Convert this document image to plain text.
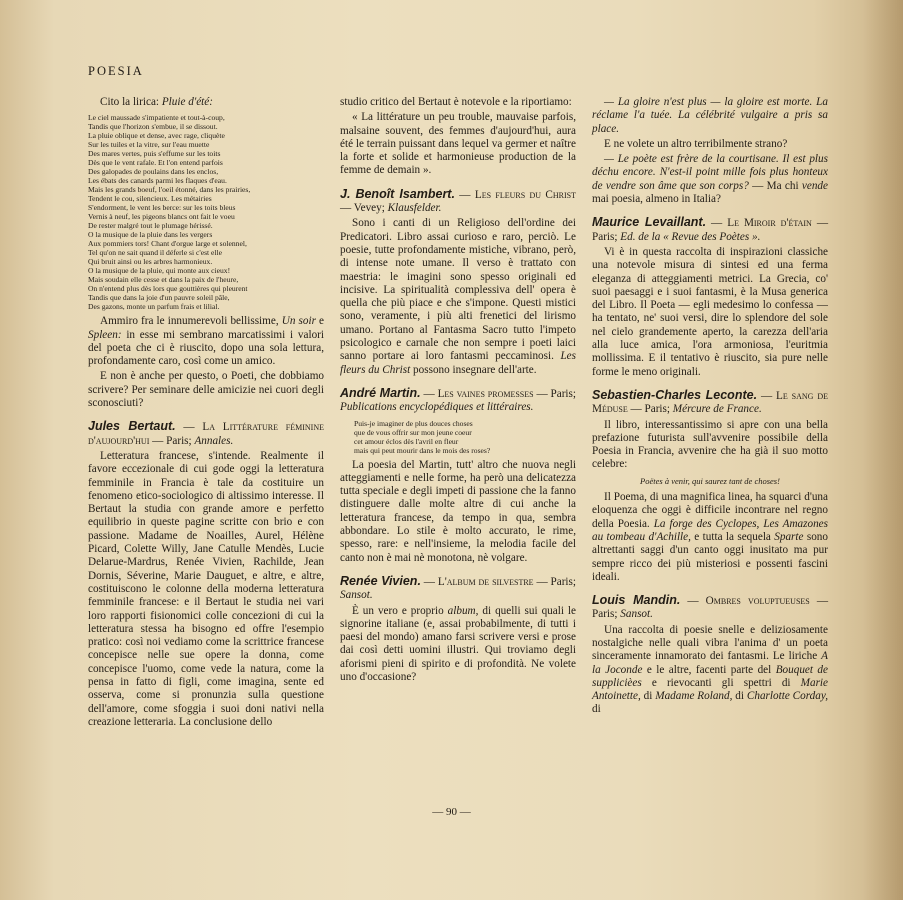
POESIA

Cito la lirica: Pluie d'été:

Le ciel maussade s'impatiente et tout-à-coup,
Tandis que l'horizon s'embue, il se dissout.
La pluie oblique et dense, avec rage, cliquète
Sur les tuiles et la vitre, sur l'eau muette
Des mares vertes, puis s'effume sur les toits
Dès que le vent rafale. Et l'on entend parfois
Des galopades de poulains dans les enclos,
Les ébats des canards parmi les flaques d'eau.
Mais les grands boeuf, l'oeil étonné, dans les prairies,
Tendent le cou, silencieux. Les métairies
S'endorment, le vent les berce: sur les toits bleus
Vernis à neuf, les pigeons blancs ont fait le voeu
De rester malgré tout le plumage hérissé.
O la musique de la pluie dans les vergers
Aux pommiers tors! Chant d'orgue large et solennel,
Tel qu'on ne sait quand il déferle si c'est elle
Qui bruit ainsi ou les arbres harmonieux.
O la musique de la pluie, qui monte aux cieux!
Mais soudain elle cesse et dans la paix de l'heure,
On n'entend plus dès lors que gouttières qui pleurent
Tandis que dans la joie d'un pauvre soleil pâle,
Des gazons, monte un parfum frais et lilial.

Ammiro fra le innumerevoli bellissime, Un soir e Spleen: in esse mi sembrano marcatissimi i valori del poeta che ci è riuscito, dopo una sola lettura, profondamente caro, così come un amico.

E non è anche per questo, o Poeti, che dobbiamo scrivere? Per seminare delle amicizie nei cuori degli sconosciuti?

Jules Bertaut. — La Littérature féminine d'aujourd'hui — Paris; Annales.

Letteratura francese, s'intende. Realmente il favore eccezionale di cui gode oggi la letteratura femminile in Francia è tale da costituire un fenomeno etico-sociologico di altissimo interesse. Il Bertaut la studia con grande amore e perfetto equilibrio in queste pagine scritte con brio e con passione. Madame de Noailles, Aurel, Hélène Picard, Colette Willy, Jane Catulle Mendès, Lucie Delarue-Mardrus, Renée Vivien, Rachilde, Jean Dornis, Séverine, Marie Dauguet, e altre, e altre, costituiscono le colonne della moderna letteratura femminile francese: e il Bertaut le studia nei vari loro rapporti fisionomici colle concezioni di cui la letteratura stessa ha bisogno ed offre l'esempio pratico: così noi vediamo come la scrittrice francese concepisce nelle sue opere la donna, come concepisce l'uomo, come vede la natura, come la pensa in fatto di figli, come imagina, sente ed osserva, come si pronunzia sulla questione dell'amore, come sfoggia i suoi doni nativi nella creazione letteraria. La conclusione dello

studio critico del Bertaut è notevole e la riportiamo:

« La littérature un peu trouble, mauvaise parfois, malsaine souvent, des femmes d'aujourd'hui, aura été le terrain puissant dans lequel va germer et naître la forte et solide et harmonieuse production de la femme de demain ».

J. Benoît Isambert. — Les fleurs du Christ — Vevey; Klausfelder.

Sono i canti di un Religioso dell'ordine dei Predicatori. Libro assai curioso e raro, perciò. Le poesie, tutte profondamente mistiche, vibrano, però, di intense note umane. Il verso è trattato con maestria: le imagini sono spesso originali ed incisive. La spiritualità complessiva dell' opera è quella che più piace e che s'impone. Questi mistici sono, veramente, i più alti frenetici del lirismo umano. Portano al Fantasma Sacro tutto l'impeto psicologico e carnale che non sempre i poeti laici sanno portare ai loro fantasmi peccaminosi. Les fleurs du Christ possono insegnare dell'arte.

André Martin. — Les vaines promesses — Paris; Publications encyclopédiques et littéraires.

Puis-je imaginer de plus douces choses
que de vous offrir sur mon jeune coeur
cet amour éclos dès l'avril en fleur
mais qui peut mourir dans le mois des roses?

La poesia del Martin, tutt' altro che nuova negli atteggiamenti e nelle forme, ha però una delicatezza tutta speciale e degli impeti di passione che la fanno distinguere dalle molte altre di cui anche la letteratura francese, da tempo in qua, sembra abbondare. Lo stile è molto accurato, le rime, spesso, rare: e nell'insieme, la melodia facile del canto non è mai nè monotona, nè volgare.

Renée Vivien. — L'album de silvestre — Paris; Sansot.

È un vero e proprio album, di quelli sui quali le signorine italiane (e, assai probabilmente, di tutti i paesi del mondo) amano farsi scrivere versi e prose dai così detti uomini illustri. Qui troviamo degli aforismi pieni di spirito e di profondità. Ne volete uno d'occasione?

— La gloire n'est plus — la gloire est morte. La réclame l'a tuée. La célébrité vulgaire a pris sa place.

E ne volete un altro terribilmente strano?

— Le poète est frère de la courtisane. Il est plus déchu encore. N'est-il point mille fois plus honteux de vendre son âme que son corps? — Ma chi vende mai poesia, almeno in Italia?

Maurice Levaillant. — Le Miroir d'étain — Paris; Ed. de la « Revue des Poètes ».

Vi è in questa raccolta di inspirazioni classiche una notevole misura di sintesi ed una ferma eleganza di atteggiamenti metrici. La Grecia, co' suoi paesaggi e i suoi fantasmi, è la Musa generica del Libro. Il Poeta — egli medesimo lo confessa — ha tentato, ne' suoi versi, dire lo splendore del sole nel cielo grandemente aperto, la carezza dell'aria alla luce amica, l'ora armoniosa, l'euritmia mollissima. E il tentativo è riuscito, sia pure nelle forme le meno originali.

Sebastien-Charles Leconte. — Le sang de Méduse — Paris; Mércure de France.

Il libro, interessantissimo si apre con una bella prefazione futurista sull'avvenire possibile della Poesia in Francia, avvenire che ha già il suo motto celebre:

Poëtes à venir, qui saurez tant de choses!

Il Poema, di una magnifica linea, ha squarci d'una eloquenza che oggi è difficile incontrare nel regno della Poesia. La forge des Cyclopes, Les Amazones au tombeau d'Achille, e tutta la sequela Sparte sono altrettanti saggi d'un canto oggi inusitato ma pur sempre ricco dei più misteriosi e possenti fascini ideali.

Louis Mandin. — Ombres voluptueuses — Paris; Sansot.

Una raccolta di poesie snelle e deliziosamente nostalgiche nelle quali vibra l'anima d' un poeta sinceramente innamorato dei fantasmi. Le liriche A la Joconde e le altre, facenti parte del Bouquet de supplicièes e rievocanti gli spettri di Marie Antoinette, di Madame Roland, di Charlotte Corday, di

— 90 —
